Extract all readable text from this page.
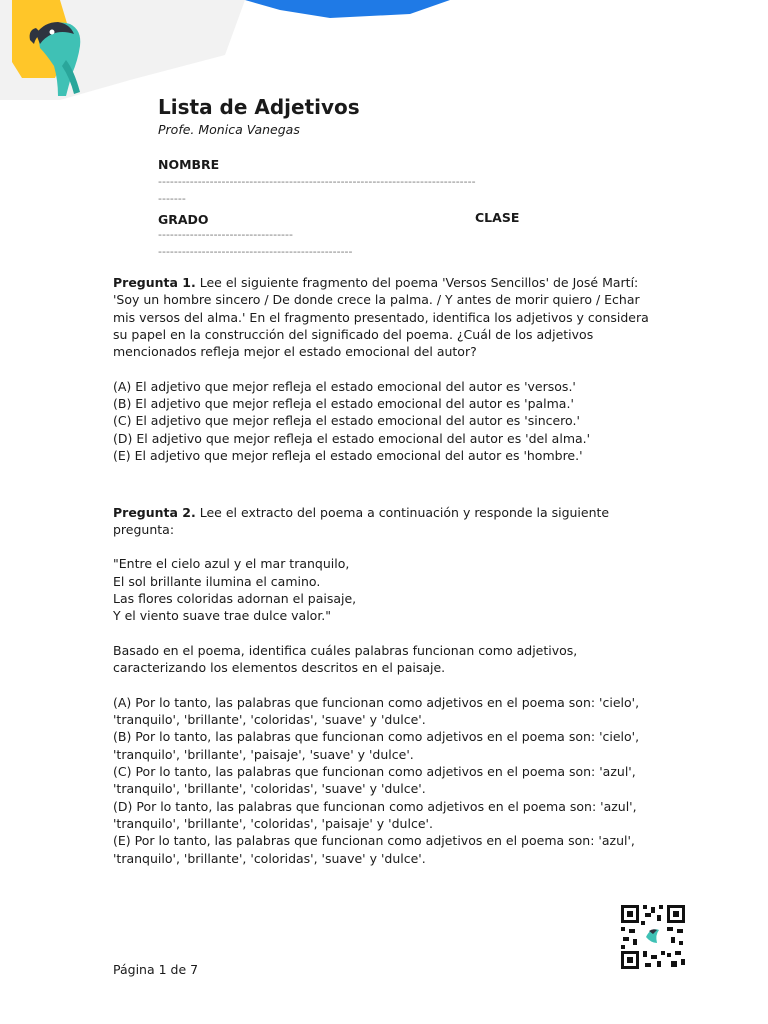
Lista de Adjetivos
Profe. Monica Vanegas
NOMBRE
--------------------------------------------------------------------------------
-------
GRADO	CLASE
----------------------------------
-------------------------------------------------

Pregunta 1. Lee el siguiente fragmento del poema 'Versos Sencillos' de José Martí: 'Soy un hombre sincero / De donde crece la palma. / Y antes de morir quiero / Echar mis versos del alma.' En el fragmento presentado, identifica los adjetivos y considera su papel en la construcción del significado del poema. ¿Cuál de los adjetivos mencionados refleja mejor el estado emocional del autor?

(A) El adjetivo que mejor refleja el estado emocional del autor es 'versos.'

(B) El adjetivo que mejor refleja el estado emocional del autor es 'palma.'

(C) El adjetivo que mejor refleja el estado emocional del autor es 'sincero.'

(D) El adjetivo que mejor refleja el estado emocional del autor es 'del alma.'

(E) El adjetivo que mejor refleja el estado emocional del autor es 'hombre.'

Pregunta 2. Lee el extracto del poema a continuación y responde la siguiente pregunta:

"Entre el cielo azul y el mar tranquilo,

El sol brillante ilumina el camino.

Las flores coloridas adornan el paisaje,

Y el viento suave trae dulce valor."

Basado en el poema, identifica cuáles palabras funcionan como adjetivos, caracterizando los elementos descritos en el paisaje.

(A) Por lo tanto, las palabras que funcionan como adjetivos en el poema son: 'cielo', 'tranquilo', 'brillante', 'coloridas', 'suave' y 'dulce'.

(B) Por lo tanto, las palabras que funcionan como adjetivos en el poema son: 'cielo', 'tranquilo', 'brillante', 'paisaje', 'suave' y 'dulce'.

(C) Por lo tanto, las palabras que funcionan como adjetivos en el poema son: 'azul', 'tranquilo', 'brillante', 'coloridas', 'suave' y 'dulce'.

(D) Por lo tanto, las palabras que funcionan como adjetivos en el poema son: 'azul', 'tranquilo', 'brillante', 'coloridas', 'paisaje' y 'dulce'.

(E) Por lo tanto, las palabras que funcionan como adjetivos en el poema son: 'azul', 'tranquilo', 'brillante', 'coloridas', 'suave' y 'dulce'.

Página 1 de 7
